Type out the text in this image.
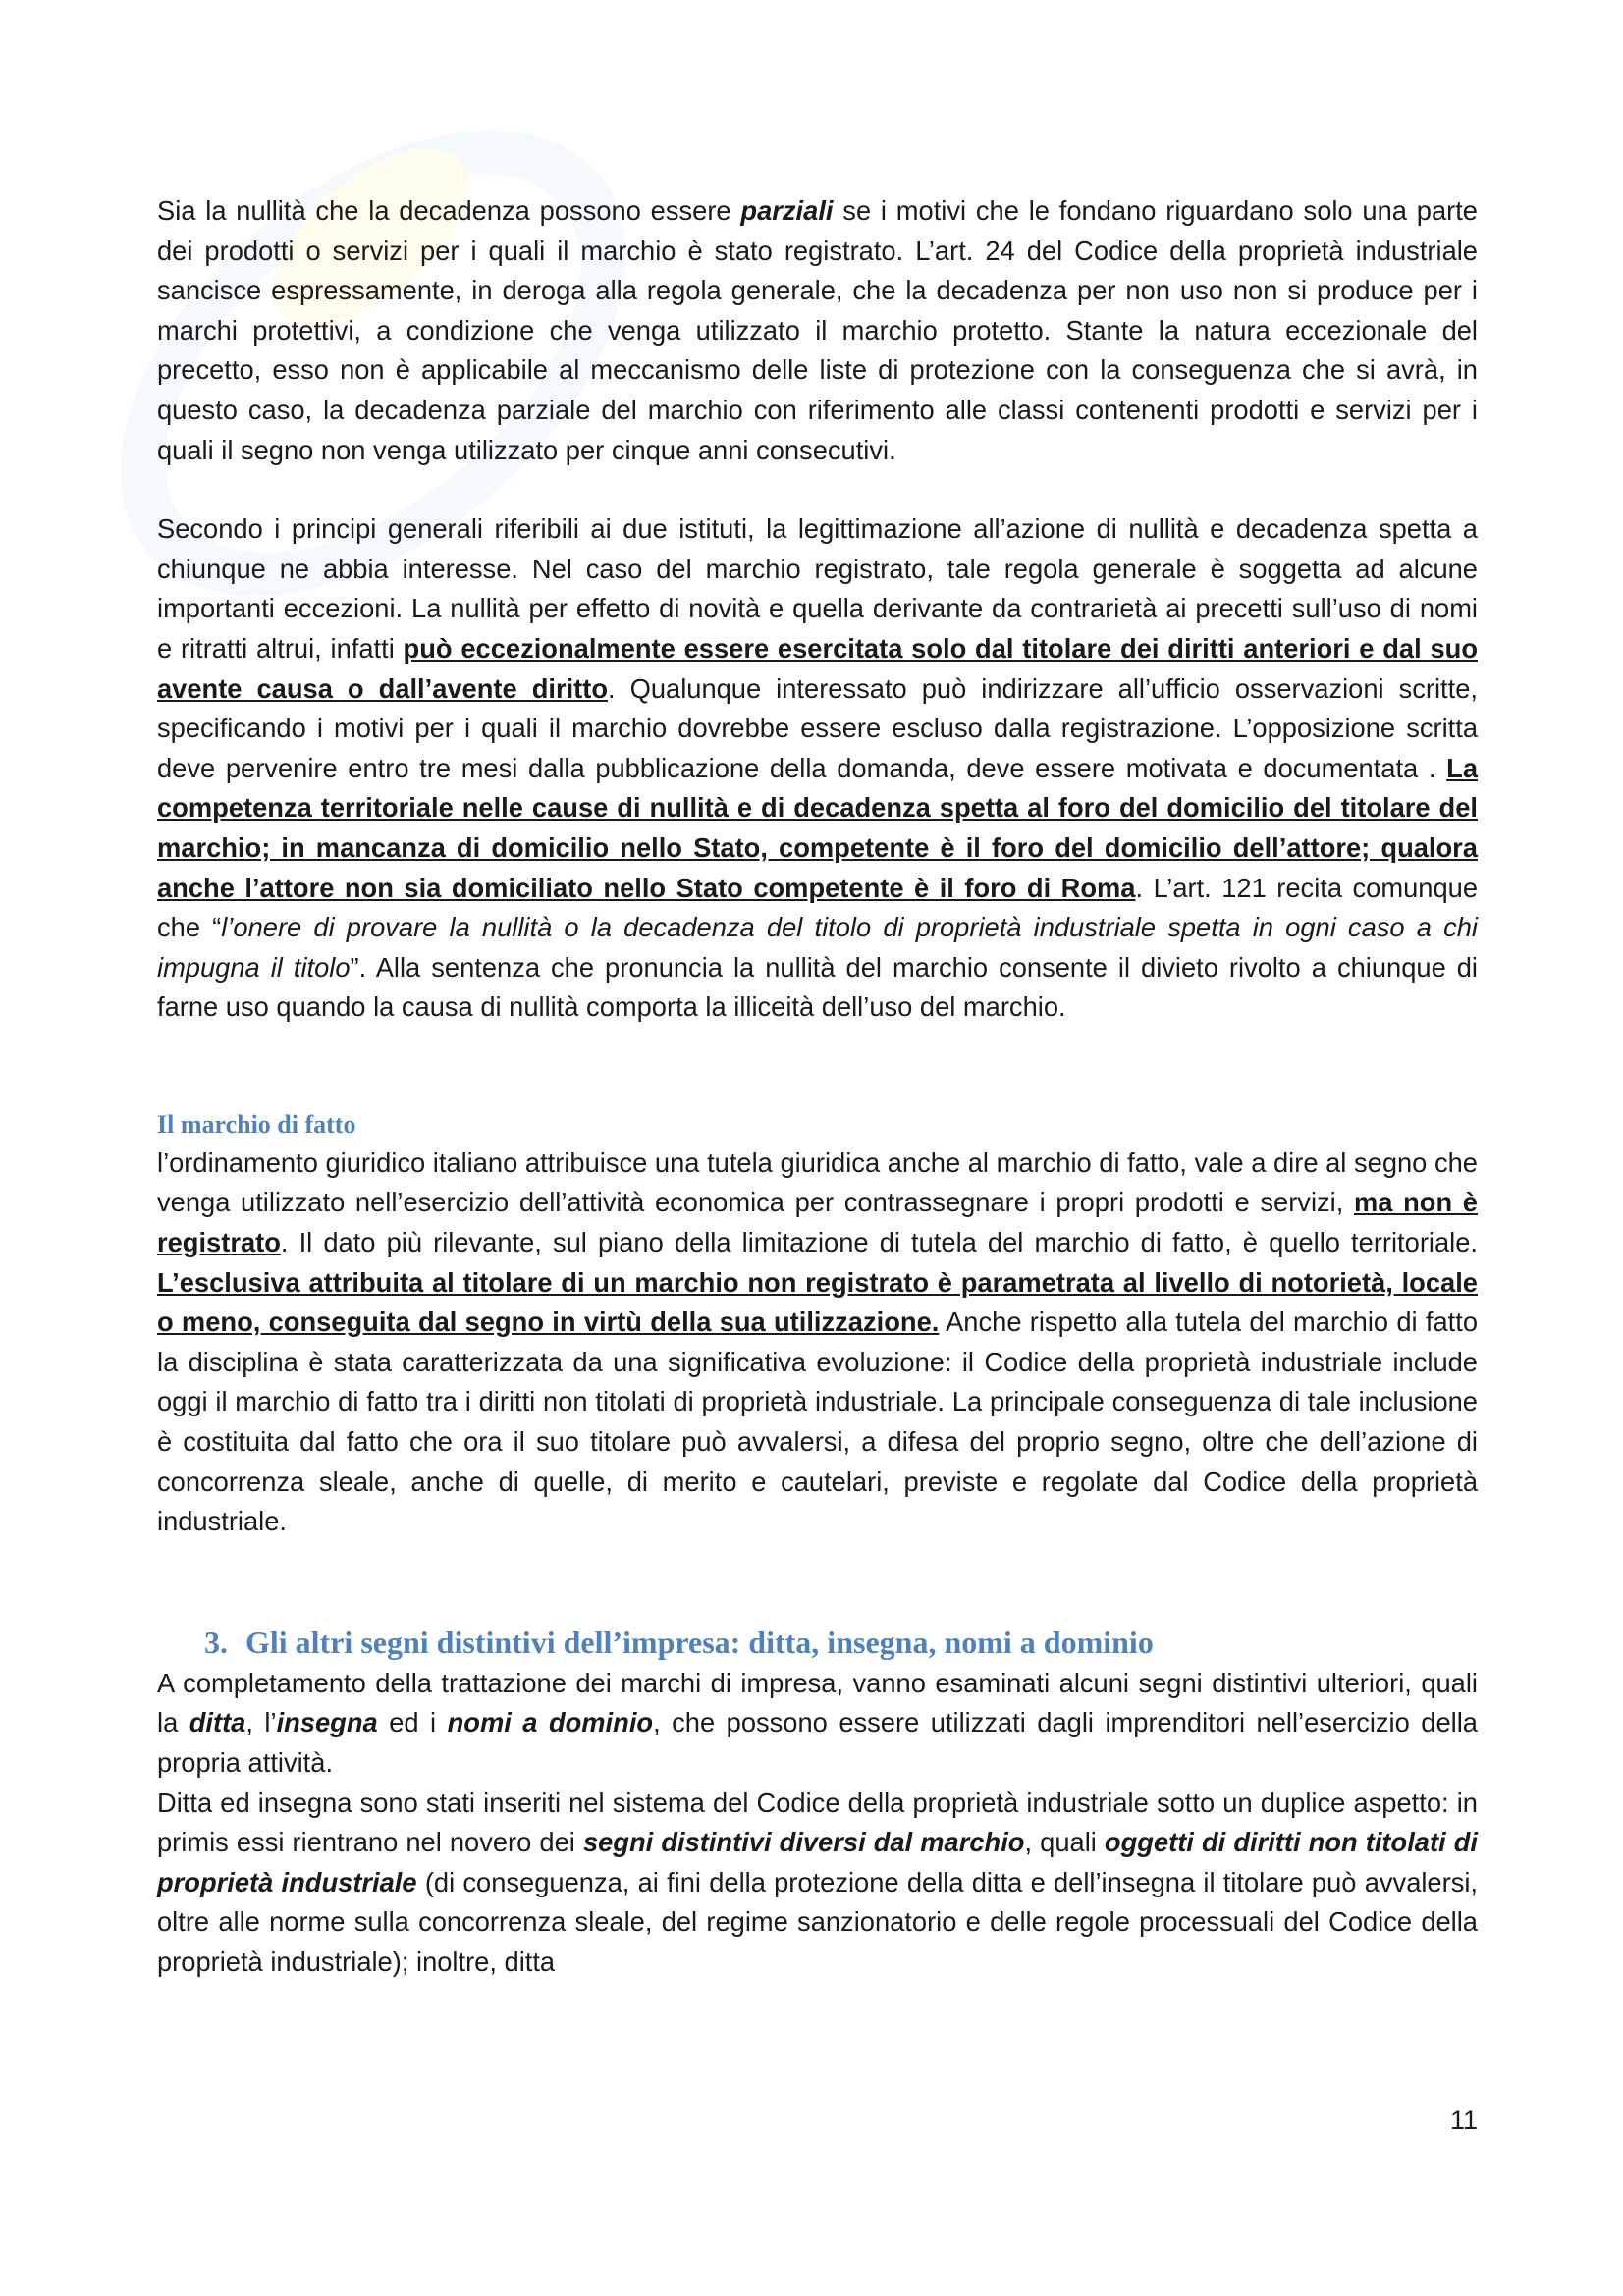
Sia la nullità che la decadenza possono essere parziali se i motivi che le fondano riguardano solo una parte dei prodotti o servizi per i quali il marchio è stato registrato. L’art. 24 del Codice della proprietà industriale sancisce espressamente, in deroga alla regola generale, che la decadenza per non uso non si produce per i marchi protettivi, a condizione che venga utilizzato il marchio protetto. Stante la natura eccezionale del precetto, esso non è applicabile al meccanismo delle liste di protezione con la conseguenza che si avrà, in questo caso, la decadenza parziale del marchio con riferimento alle classi contenenti prodotti e servizi per i quali il segno non venga utilizzato per cinque anni consecutivi.

Secondo i principi generali riferibili ai due istituti, la legittimazione all’azione di nullità e decadenza spetta a chiunque ne abbia interesse. Nel caso del marchio registrato, tale regola generale è soggetta ad alcune importanti eccezioni. La nullità per effetto di novità e quella derivante da contrarietà ai precetti sull’uso di nomi e ritratti altrui, infatti può eccezionalmente essere esercitata solo dal titolare dei diritti anteriori e dal suo avente causa o dall’avente diritto. Qualunque interessato può indirizzare all’ufficio osservazioni scritte, specificando i motivi per i quali il marchio dovrebbe essere escluso dalla registrazione. L’opposizione scritta deve pervenire entro tre mesi dalla pubblicazione della domanda, deve essere motivata e documentata . La competenza territoriale nelle cause di nullità e di decadenza spetta al foro del domicilio del titolare del marchio; in mancanza di domicilio nello Stato, competente è il foro del domicilio dell’attore; qualora anche l’attore non sia domiciliato nello Stato competente è il foro di Roma. L’art. 121 recita comunque che “l’onere di provare la nullità o la decadenza del titolo di proprietà industriale spetta in ogni caso a chi impugna il titolo”. Alla sentenza che pronuncia la nullità del marchio consente il divieto rivolto a chiunque di farne uso quando la causa di nullità comporta la illiceità dell’uso del marchio.

Il marchio di fatto

l’ordinamento giuridico italiano attribuisce una tutela giuridica anche al marchio di fatto, vale a dire al segno che venga utilizzato nell’esercizio dell’attività economica per contrassegnare i propri prodotti e servizi, ma non è registrato. Il dato più rilevante, sul piano della limitazione di tutela del marchio di fatto, è quello territoriale. L’esclusiva attribuita al titolare di un marchio non registrato è parametrata al livello di notorietà, locale o meno, conseguita dal segno in virtù della sua utilizzazione. Anche rispetto alla tutela del marchio di fatto la disciplina è stata caratterizzata da una significativa evoluzione: il Codice della proprietà industriale include oggi il marchio di fatto tra i diritti non titolati di proprietà industriale. La principale conseguenza di tale inclusione è costituita dal fatto che ora il suo titolare può avvalersi, a difesa del proprio segno, oltre che dell’azione di concorrenza sleale, anche di quelle, di merito e cautelari, previste e regolate dal Codice della proprietà industriale.

3. Gli altri segni distintivi dell’impresa: ditta, insegna, nomi a dominio

A completamento della trattazione dei marchi di impresa, vanno esaminati alcuni segni distintivi ulteriori, quali la ditta, l’insegna ed i nomi a dominio, che possono essere utilizzati dagli imprenditori nell’esercizio della propria attività.

Ditta ed insegna sono stati inseriti nel sistema del Codice della proprietà industriale sotto un duplice aspetto: in primis essi rientrano nel novero dei segni distintivi diversi dal marchio, quali oggetti di diritti non titolati di proprietà industriale (di conseguenza, ai fini della protezione della ditta e dell’insegna il titolare può avvalersi, oltre alle norme sulla concorrenza sleale, del regime sanzionatorio e delle regole processuali del Codice della proprietà industriale); inoltre, ditta

11
